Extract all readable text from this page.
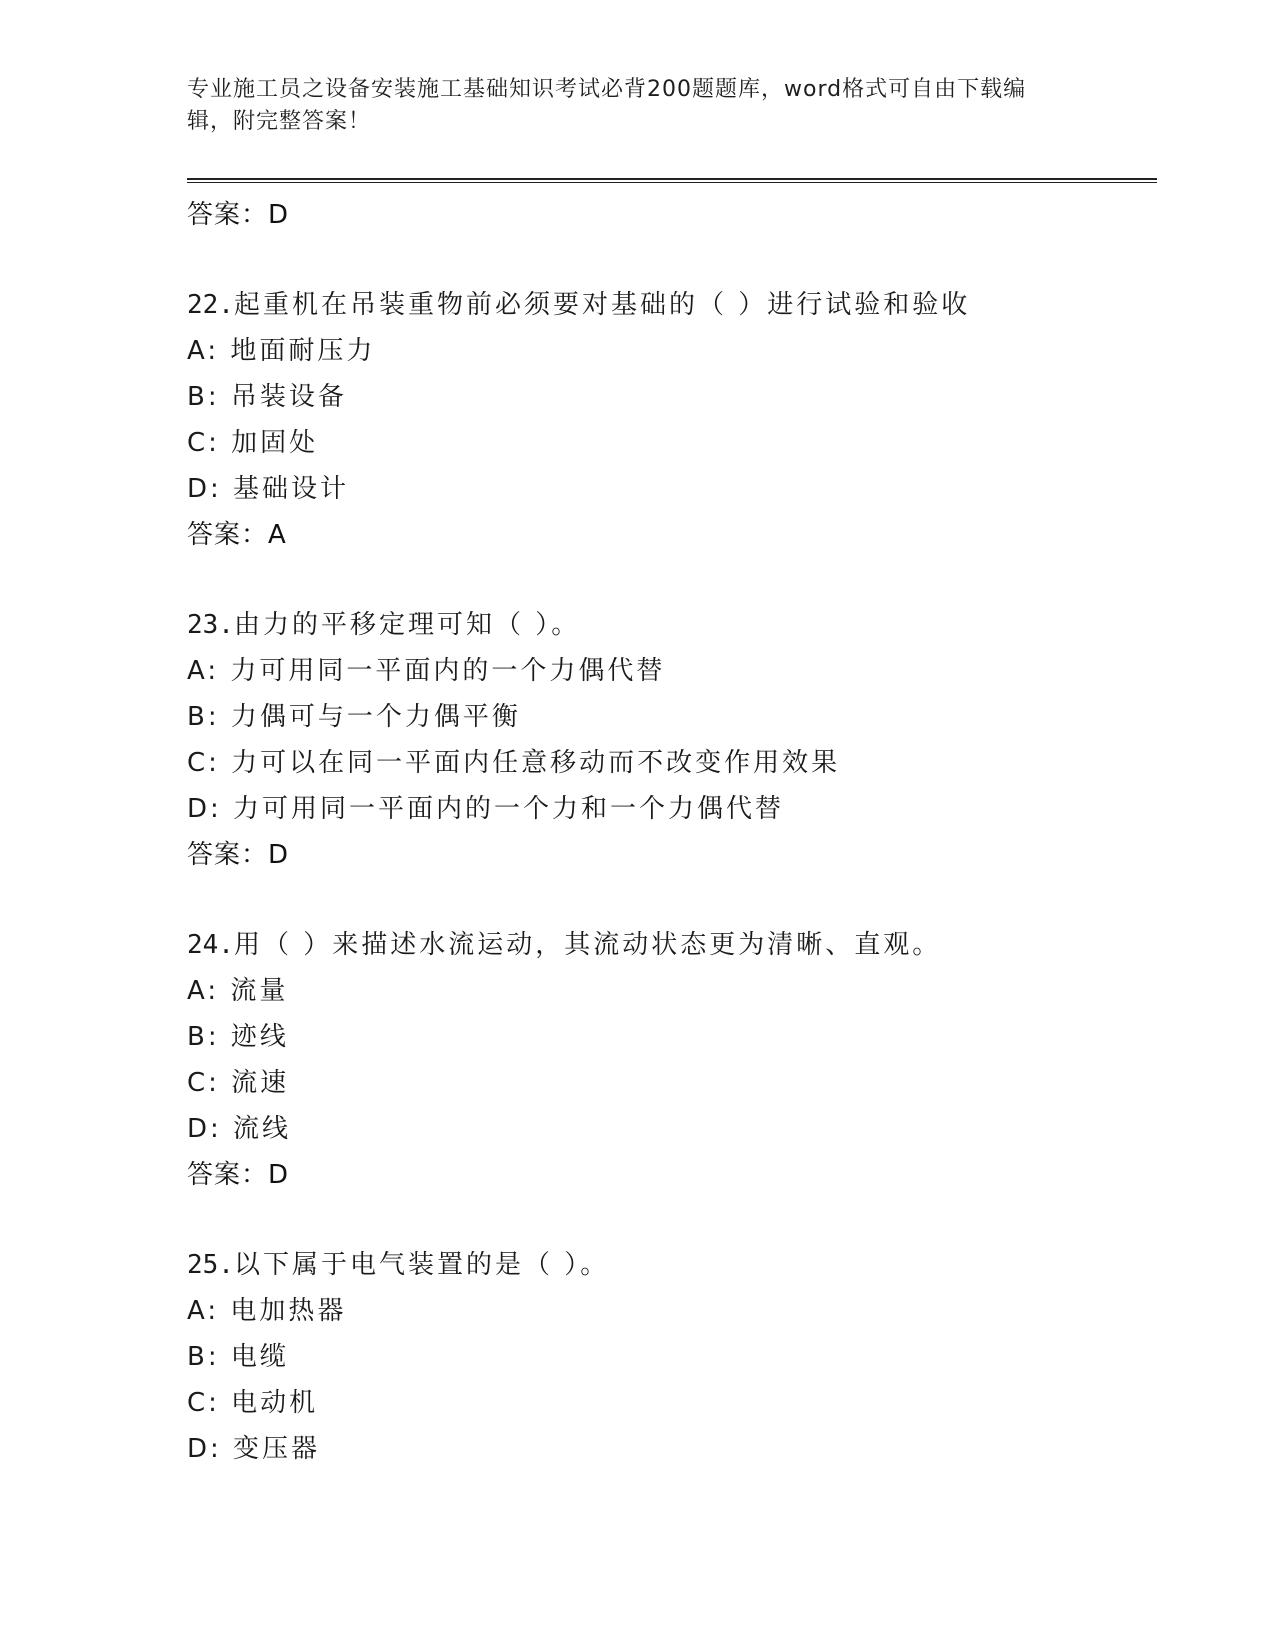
专业施工员之设备安装施工基础知识考试必背200题题库，word格式可自由下载编辑，附完整答案！
答案：D
22.起重机在吊装重物前必须要对基础的（ ）进行试验和验收
A: 地面耐压力
B: 吊装设备
C: 加固处
D: 基础设计
答案：A
23.由力的平移定理可知（ ）。
A: 力可用同一平面内的一个力偶代替
B: 力偶可与一个力偶平衡
C: 力可以在同一平面内任意移动而不改变作用效果
D: 力可用同一平面内的一个力和一个力偶代替
答案：D
24.用（ ）来描述水流运动，其流动状态更为清晰、直观。
A: 流量
B: 迹线
C: 流速
D: 流线
答案：D
25.以下属于电气装置的是（ ）。
A: 电加热器
B: 电缆
C: 电动机
D: 变压器
